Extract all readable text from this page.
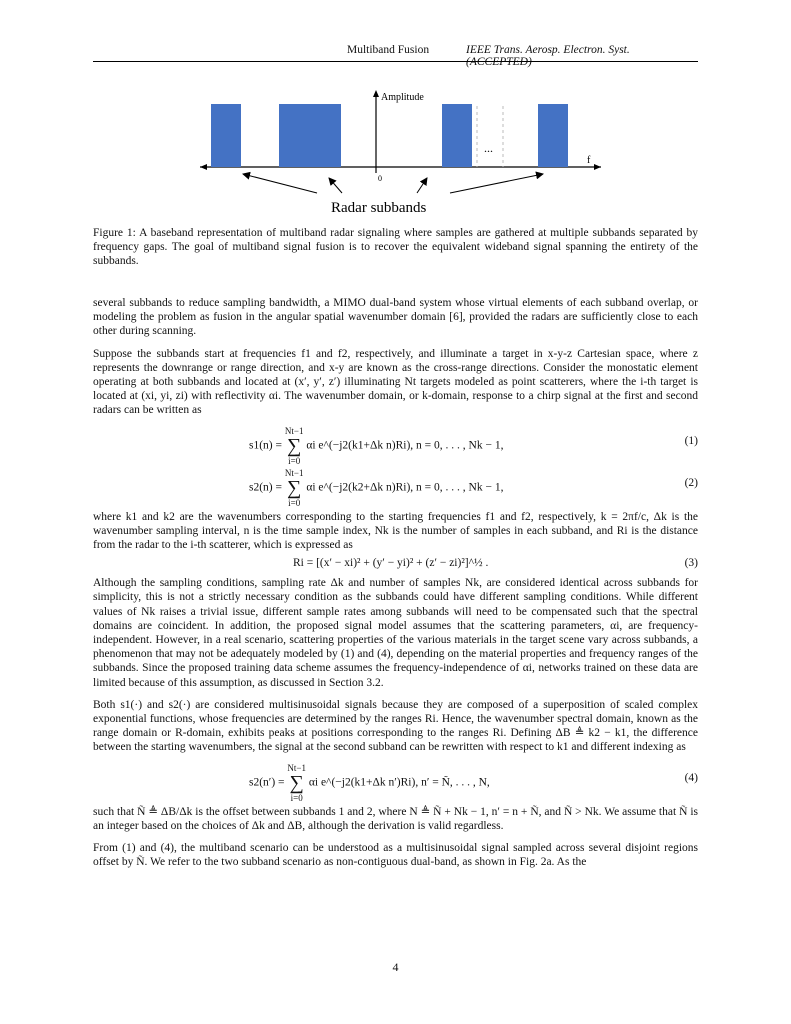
Multiband Fusion	IEEE Trans. Aerosp. Electron. Syst. (ACCEPTED)
Amplitude
f
0
...
Radar subbands
Figure 1: A baseband representation of multiband radar signaling where samples are gathered at multiple subbands separated by frequency gaps. The goal of multiband signal fusion is to recover the equivalent wideband signal spanning the entirety of the subbands.

several subbands to reduce sampling bandwidth, a MIMO dual-band system whose virtual elements of each subband overlap, or modeling the problem as fusion in the angular spatial wavenumber domain [6], provided the radars are sufficiently close to each other during scanning.

Suppose the subbands start at frequencies f1 and f2, respectively, and illuminate a target in x-y-z Cartesian space, where z represents the downrange or range direction, and x-y are known as the cross-range directions. Consider the monostatic element operating at both subbands and located at (x′, y′, z′) illuminating Nt targets modeled as point scatterers, where the i-th target is located at (xi, yi, zi) with reflectivity αi. The wavenumber domain, or k-domain, response to a chirp signal at the first and second radars can be written as

s1(n) = Nt−1
∑
i=0 αi e^(−j2(k1+Δk n)Ri), n = 0, . . . , Nk − 1,	(1)
s2(n) = Nt−1
∑
i=0 αi e^(−j2(k2+Δk n)Ri), n = 0, . . . , Nk − 1,	(2)

where k1 and k2 are the wavenumbers corresponding to the starting frequencies f1 and f2, respectively, k = 2πf/c, Δk is the wavenumber sampling interval, n is the time sample index, Nk is the number of samples in each subband, and Ri is the distance from the radar to the i-th scatterer, which is expressed as

Ri = [(x′ − xi)² + (y′ − yi)² + (z′ − zi)²]^½ .	(3)

Although the sampling conditions, sampling rate Δk and number of samples Nk, are considered identical across subbands for simplicity, this is not a strictly necessary condition as the subbands could have different sampling conditions. While different values of Nk raises a trivial issue, different sample rates among subbands will need to be compensated such that the spectral domains are coincident. In addition, the proposed signal model assumes that the scattering parameters, αi, are frequency-independent. However, in a real scenario, scattering properties of the various materials in the target scene vary across subbands, a phenomenon that may not be adequately modeled by (1) and (4), depending on the material properties and frequency ranges of the subbands. Since the proposed training data scheme assumes the frequency-independence of αi, networks trained on these data are limited because of this assumption, as discussed in Section 3.2.

Both s1(·) and s2(·) are considered multisinusoidal signals because they are composed of a superposition of scaled complex exponential functions, whose frequencies are determined by the ranges Ri. Hence, the wavenumber spectral domain, known as the range domain or R-domain, exhibits peaks at positions corresponding to the ranges Ri. Defining ΔB ≜ k2 − k1, the difference between the starting wavenumbers, the signal at the second subband can be rewritten with respect to k1 and different indexing as

s2(n′) = Nt−1
∑
i=0 αi e^(−j2(k1+Δk n′)Ri), n′ = Ñ, . . . , N,	(4)

such that Ñ ≜ ΔB/Δk is the offset between subbands 1 and 2, where N ≜ Ñ + Nk − 1, n′ = n + Ñ, and Ñ > Nk. We assume that Ñ is an integer based on the choices of Δk and ΔB, although the derivation is valid regardless.

From (1) and (4), the multiband scenario can be understood as a multisinusoidal signal sampled across several disjoint regions offset by Ñ. We refer to the two subband scenario as non-contiguous dual-band, as shown in Fig. 2a. As the

4
